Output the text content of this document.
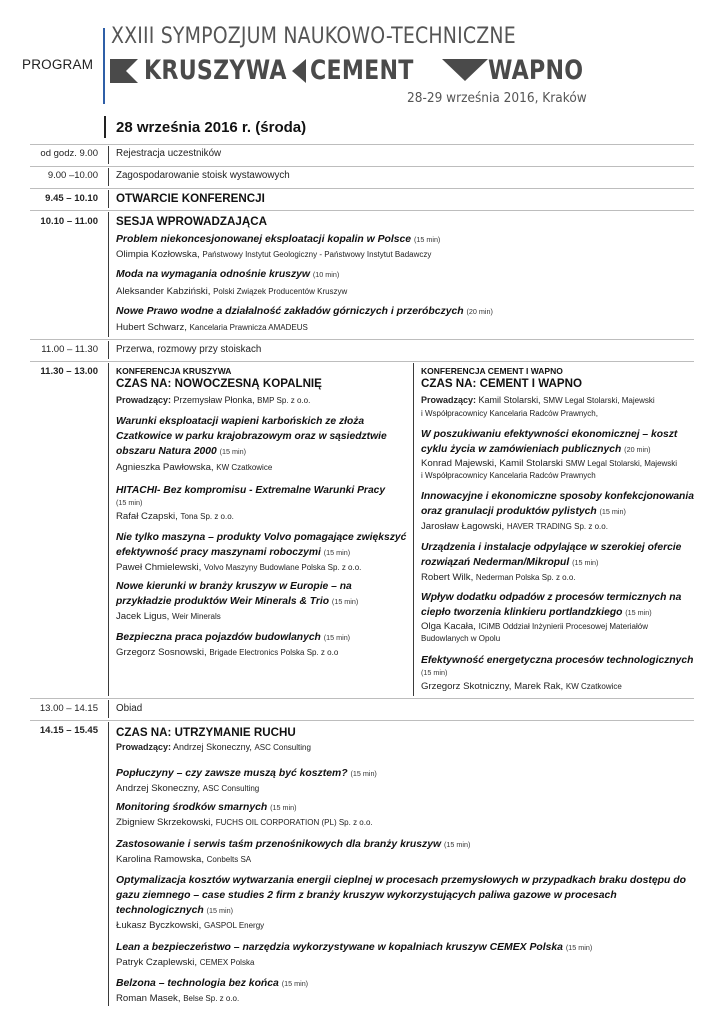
PROGRAM
XXIII SYMPOZJUM NAUKOWO-TECHNICZNE
KRUSZYWA CEMENT	WAPNO
28-29 września 2016, Kraków
28 września 2016 r. (środa)
od godz. 9.00 Rejestracja uczestników
9.00 –10.00 Zagospodarowanie stoisk wystawowych
9.45 – 10.10 OTWARCIE KONFERENCJI
10.10 – 11.00 SESJA WPROWADZAJĄCA
Problem niekoncesjonowanej eksploatacji kopalin w Polsce (15 min)
Olimpia Kozłowska, Państwowy Instytut Geologiczny - Państwowy Instytut Badawczy
Moda na wymagania odnośnie kruszyw (10 min)
Aleksander Kabziński, Polski Związek Producentów Kruszyw
Nowe Prawo wodne a działalność zakładów górniczych i przeróbczych (20 min)
Hubert Schwarz, Kancelaria Prawnicza AMADEUS
11.00 – 11.30 Przerwa, rozmowy przy stoiskach
11.30 – 13.00 KONFERENCJA KRUSZYWA
CZAS NA: NOWOCZESNĄ KOPALNIĘ
Prowadzący: Przemysław Płonka, BMP Sp. z o.o.
Warunki eksploatacji wapieni karbońskich ze złoża
Czatkowice w parku krajobrazowym oraz w sąsiedztwie
obszaru Natura 2000 (15 min)
Agnieszka Pawłowska, KW Czatkowice
HITACHI- Bez kompromisu - Extremalne Warunki Pracy
(15 min)
Rafał Czapski, Tona Sp. z o.o.
Nie tylko maszyna – produkty Volvo pomagające zwiększyć
efektywność pracy maszynami roboczymi (15 min)
Paweł Chmielewski, Volvo Maszyny Budowlane Polska Sp. z o.o.
Nowe kierunki w branży kruszyw w Europie – na
przykładzie produktów Weir Minerals & Trio (15 min)
Jacek Ligus, Weir Minerals
Bezpieczna praca pojazdów budowlanych (15 min)
Grzegorz Sosnowski, Brigade Electronics Polska Sp. z o.o
KONFERENCJA CEMENT I WAPNO
CZAS NA: CEMENT I WAPNO
Prowadzący: Kamil Stolarski, SMW Legal Stolarski, Majewski
i Współpracownicy Kancelaria Radców Prawnych,
W poszukiwaniu efektywności ekonomicznej – koszt
cyklu życia w zamówieniach publicznych (20 min)
Konrad Majewski, Kamil Stolarski SMW Legal Stolarski, Majewski
i Współpracownicy Kancelaria Radców Prawnych
Innowacyjne i ekonomiczne sposoby konfekcjonowania
oraz granulacji produktów pylistych (15 min)
Jarosław Łagowski, HAVER TRADING Sp. z o.o.
Urządzenia i instalacje odpylające w szerokiej ofercie
rozwiązań Nederman/Mikropul (15 min)
Robert Wilk, Nederman Polska Sp. z o.o.
Wpływ dodatku odpadów z procesów termicznych na
ciepło tworzenia klinkieru portlandzkiego (15 min)
Olga Kacała, ICiMB Oddział Inżynierii Procesowej Materiałów
Budowlanych w Opolu
Efektywność energetyczna procesów technologicznych
(15 min)
Grzegorz Skotniczny, Marek Rak, KW Czatkowice
13.00 – 14.15 Obiad
14.15 – 15.45 CZAS NA: UTRZYMANIE RUCHU
Prowadzący: Andrzej Skoneczny, ASC Consulting
Popłuczyny – czy zawsze muszą być kosztem? (15 min)
Andrzej Skoneczny, ASC Consulting
Monitoring środków smarnych (15 min)
Zbigniew Skrzekowski, FUCHS OIL CORPORATION (PL) Sp. z o.o.
Zastosowanie i serwis taśm przenośnikowych dla branży kruszyw (15 min)
Karolina Ramowska, Conbelts SA
Optymalizacja kosztów wytwarzania energii cieplnej w procesach przemysłowych w przypadkach braku dostępu do
gazu ziemnego – case studies 2 firm z branży kruszyw wykorzystujących paliwa gazowe w procesach
technologicznych (15 min)
Łukasz Byczkowski, GASPOL Energy
Lean a bezpieczeństwo – narzędzia wykorzystywane w kopalniach kruszyw CEMEX Polska (15 min)
Patryk Czaplewski, CEMEX Polska
Belzona – technologia bez końca (15 min)
Roman Masek, Belse Sp. z o.o.
